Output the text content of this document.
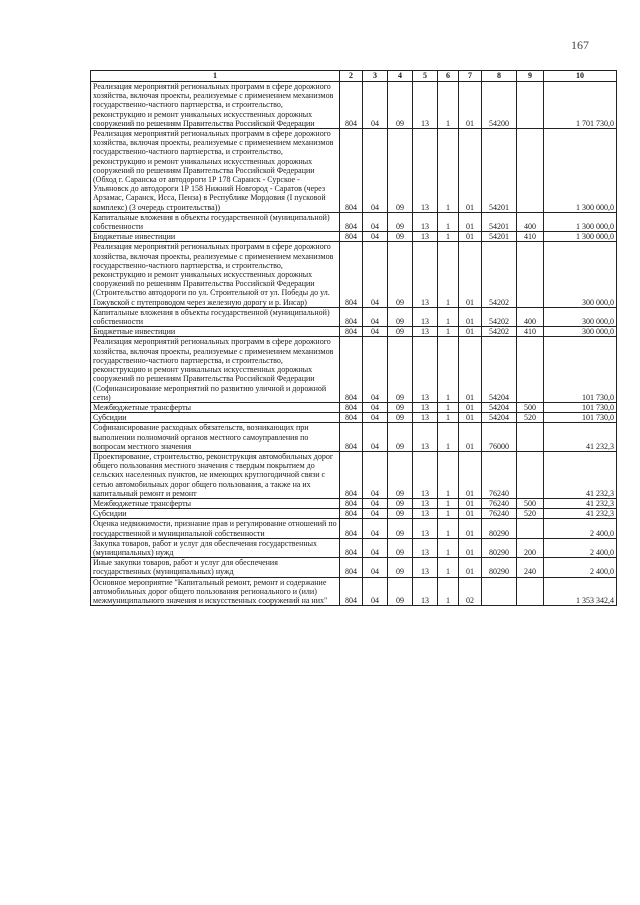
167
1	2	3	4	5	6	7	8	9	10
Реализация мероприятий региональных программ в сфере дорожного хозяйства, включая проекты, реализуемые с применением механизмов государственно-частного партнерства, и строительство, реконструкцию и ремонт уникальных искусственных дорожных сооружений по решениям Правительства Российской Федерации	804	04	09	13	1	01	54200		1 701 730,0
Реализация мероприятий региональных программ в сфере дорожного хозяйства, включая проекты, реализуемые с применением механизмов государственно-частного партнерства, и строительство, реконструкцию и ремонт уникальных искусственных дорожных сооружений по решениям Правительства Российской Федерации (Обход г. Саранска от автодороги 1Р 178 Саранск - Сурское - Ульяновск до автодороги 1Р 158 Нижний Новгород - Саратов (через Арзамас, Саранск, Исса, Пенза) в Республике Мордовия (I пусковой комплекс) (3 очередь строительства))	804	04	09	13	1	01	54201		1 300 000,0
Капитальные вложения в объекты государственной (муниципальной) собственности	804	04	09	13	1	01	54201	400	1 300 000,0
Бюджетные инвестиции	804	04	09	13	1	01	54201	410	1 300 000,0
Реализация мероприятий региональных программ в сфере дорожного хозяйства, включая проекты, реализуемые с применением механизмов государственно-частного партнерства, и строительство, реконструкцию и ремонт уникальных искусственных дорожных сооружений по решениям Правительства Российской Федерации (Строительство автодороги по ул. Строительной от ул. Победы до ул. Гожувской с путепроводом через железную дорогу и р. Инсар)	804	04	09	13	1	01	54202		300 000,0
Капитальные вложения в объекты государственной (муниципальной) собственности	804	04	09	13	1	01	54202	400	300 000,0
Бюджетные инвестиции	804	04	09	13	1	01	54202	410	300 000,0
Реализация мероприятий региональных программ в сфере дорожного хозяйства, включая проекты, реализуемые с применением механизмов государственно-частного партнерства, и строительство, реконструкцию и ремонт уникальных искусственных дорожных сооружений по решениям Правительства Российской Федерации (Софинансирование мероприятий по развитию уличной и дорожной сети)	804	04	09	13	1	01	54204		101 730,0
Межбюджетные трансферты	804	04	09	13	1	01	54204	500	101 730,0
Субсидии	804	04	09	13	1	01	54204	520	101 730,0
Софинансирование расходных обязательств, возникающих при выполнении полномочий органов местного самоуправления по вопросам местного значения	804	04	09	13	1	01	76000		41 232,3
Проектирование, строительство, реконструкция автомобильных дорог общего пользования местного значения с твердым покрытием до сельских населенных пунктов, не имеющих круглогодичной связи с сетью автомобильных дорог общего пользования, а также на их капитальный ремонт и ремонт	804	04	09	13	1	01	76240		41 232,3
Межбюджетные трансферты	804	04	09	13	1	01	76240	500	41 232,3
Субсидии	804	04	09	13	1	01	76240	520	41 232,3
Оценка недвижимости, признание прав и регулирование отношений по государственной и муниципальной собственности	804	04	09	13	1	01	80290		2 400,0
Закупка товаров, работ и услуг для обеспечения государственных (муниципальных) нужд	804	04	09	13	1	01	80290	200	2 400,0
Иные закупки товаров, работ и услуг для обеспечения государственных (муниципальных) нужд	804	04	09	13	1	01	80290	240	2 400,0
Основное мероприятие "Капитальный ремонт, ремонт и содержание автомобильных дорог общего пользования регионального и (или) межмуниципального значения и искусственных сооружений на них"	804	04	09	13	1	02			1 353 342,4
